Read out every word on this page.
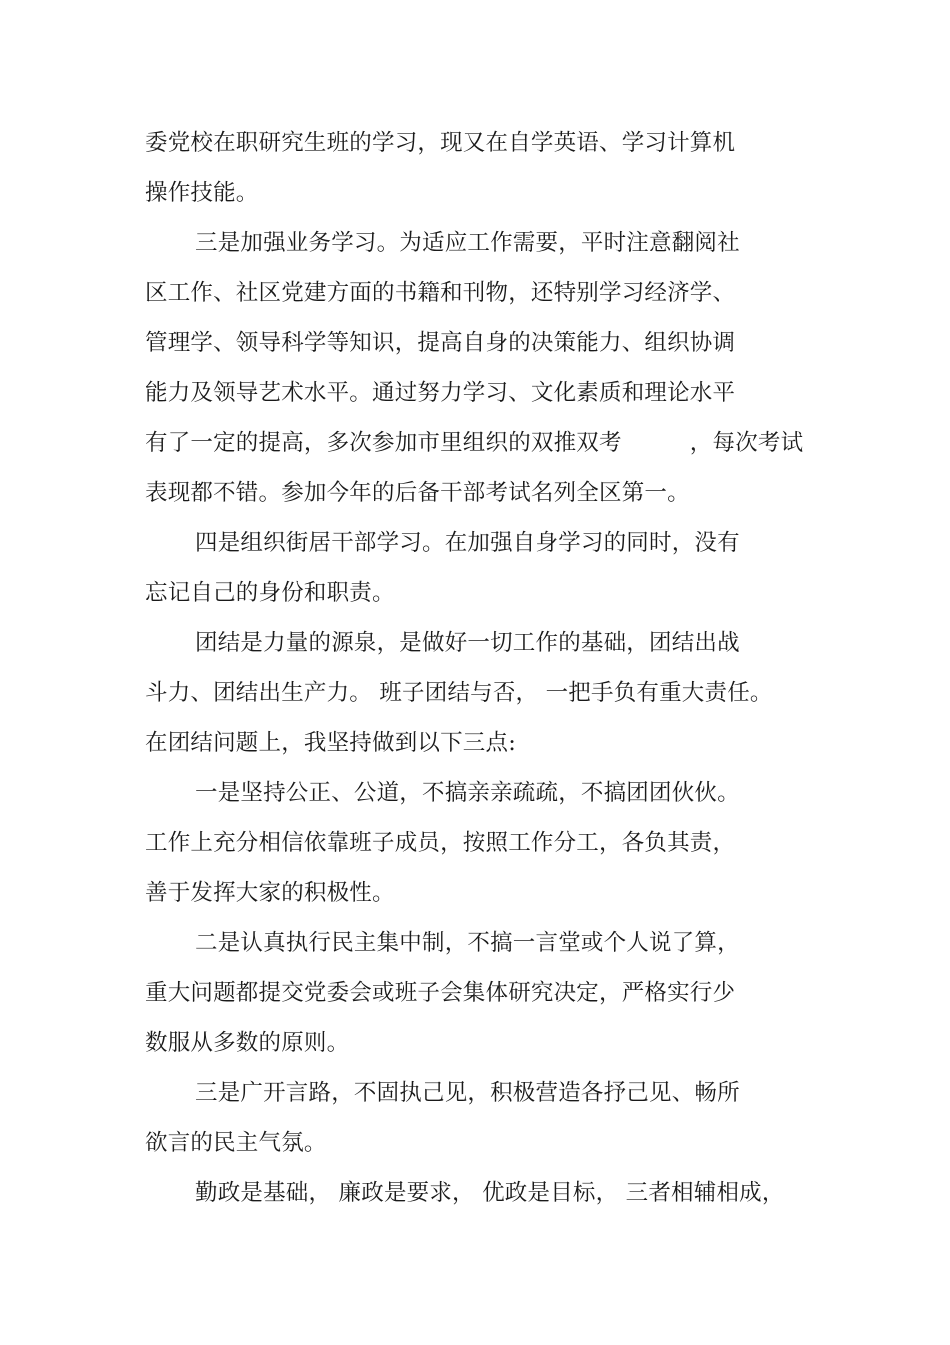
委党校在职研究生班的学习，现又在自学英语、学习计算机
操作技能。
三是加强业务学习。为适应工作需要，平时注意翻阅社
区工作、社区党建方面的书籍和刊物，还特别学习经济学、
管理学、领导科学等知识，提高自身的决策能力、组织协调
能力及领导艺术水平。通过努力学习、文化素质和理论水平
有了一定的提高，多次参加市里组织的双推双考　　　，每次考试
表现都不错。参加今年的后备干部考试名列全区第一。
四是组织街居干部学习。在加强自身学习的同时，没有
忘记自己的身份和职责。
团结是力量的源泉，是做好一切工作的基础，团结出战
斗力、团结出生产力。 班子团结与否， 一把手负有重大责任。
在团结问题上，我坚持做到以下三点:
一是坚持公正、公道，不搞亲亲疏疏，不搞团团伙伙。
工作上充分相信依靠班子成员，按照工作分工，各负其责，
善于发挥大家的积极性。
二是认真执行民主集中制，不搞一言堂或个人说了算，
重大问题都提交党委会或班子会集体研究决定，严格实行少
数服从多数的原则。
三是广开言路，不固执己见，积极营造各抒己见、畅所
欲言的民主气氛。
勤政是基础， 廉政是要求， 优政是目标， 三者相辅相成，
